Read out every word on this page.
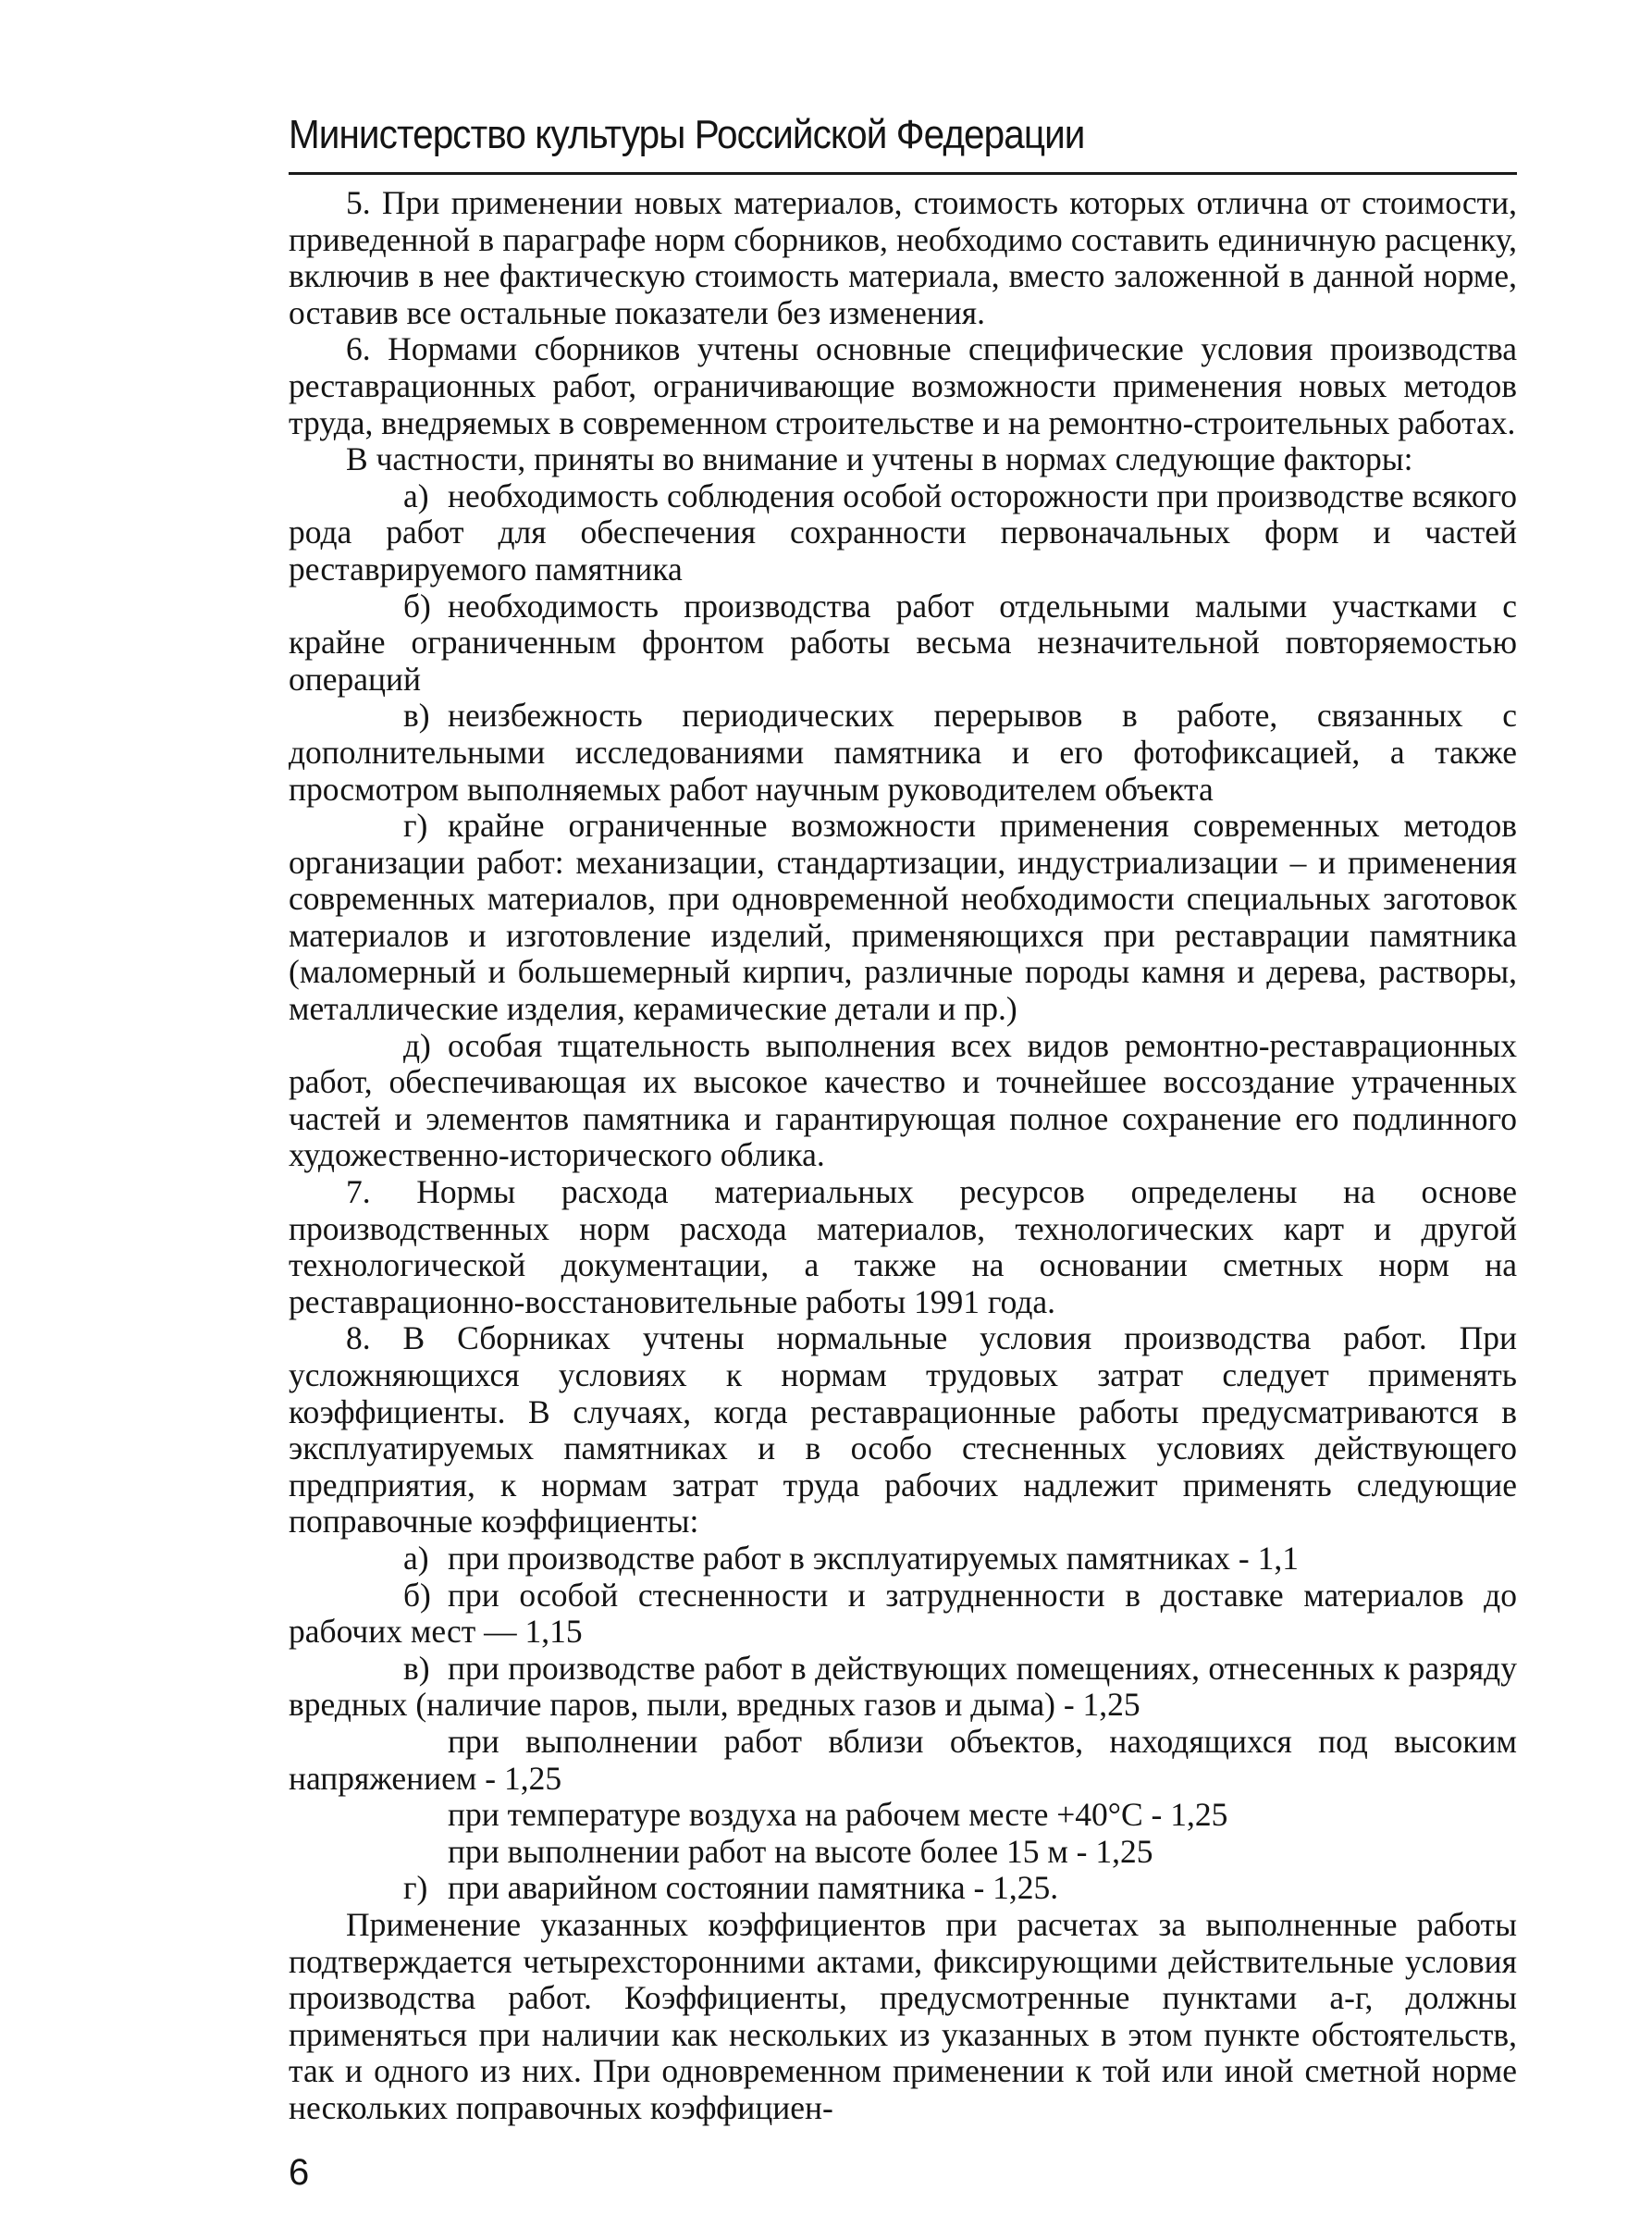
Министерство культуры Российской Федерации

5. При применении новых материалов, стоимость которых отлична от стоимости, приведенной в параграфе норм сборников, необходимо составить единичную расценку, включив в нее фактическую стоимость материала, вместо заложенной в данной норме, оставив все остальные показатели без изменения.

6. Нормами сборников учтены основные специфические условия производства реставрационных работ, ограничивающие возможности применения новых методов труда, внедряемых в современном строительстве и на ремонтно-строительных работах.

В частности, приняты во внимание и учтены в нормах следующие факторы:

а) необходимость соблюдения особой осторожности при производстве всякого рода работ для обеспечения сохранности первоначальных форм и частей реставрируемого памятника

б) необходимость производства работ отдельными малыми участками с крайне ограниченным фронтом работы весьма незначительной повторяемостью операций

в) неизбежность периодических перерывов в работе, связанных с дополнительными исследованиями памятника и его фотофиксацией, а также просмотром выполняемых работ научным руководителем объекта

г) крайне ограниченные возможности применения современных методов организации работ: механизации, стандартизации, индустриализации – и применения современных материалов, при одновременной необходимости специальных заготовок материалов и изготовление изделий, применяющихся при реставрации памятника (маломерный и большемерный кирпич, различные породы камня и дерева, растворы, металлические изделия, керамические детали и пр.)

д) особая тщательность выполнения всех видов ремонтно-реставрационных работ, обеспечивающая их высокое качество и точнейшее воссоздание утраченных частей и элементов памятника и гарантирующая полное сохранение его подлинного художественно-исторического облика.

7. Нормы расхода материальных ресурсов определены на основе производственных норм расхода материалов, технологических карт и другой технологической документации, а также на основании сметных норм на реставрационно-восстановительные работы 1991 года.

8. В Сборниках учтены нормальные условия производства работ. При усложняющихся условиях к нормам трудовых затрат следует применять коэффициенты. В случаях, когда реставрационные работы предусматриваются в эксплуатируемых памятниках и в особо стесненных условиях действующего предприятия, к нормам затрат труда рабочих надлежит применять следующие поправочные коэффициенты:

а) при производстве работ в эксплуатируемых памятниках - 1,1

б) при особой стесненности и затрудненности в доставке материалов до рабочих мест — 1,15

в) при производстве работ в действующих помещениях, отнесенных к разряду вредных (наличие паров, пыли, вредных газов и дыма) - 1,25

при выполнении работ вблизи объектов, находящихся под высоким напряжением - 1,25

при температуре воздуха на рабочем месте +40°С - 1,25

при выполнении работ на высоте более 15 м - 1,25

г) при аварийном состоянии памятника - 1,25.

Применение указанных коэффициентов при расчетах за выполненные работы подтверждается четырехсторонними актами, фиксирующими действительные условия производства работ. Коэффициенты, предусмотренные пунктами а-г, должны применяться при наличии как нескольких из указанных в этом пункте обстоятельств, так и одного из них. При одновременном применении к той или иной сметной норме нескольких поправочных коэффициен-

6
